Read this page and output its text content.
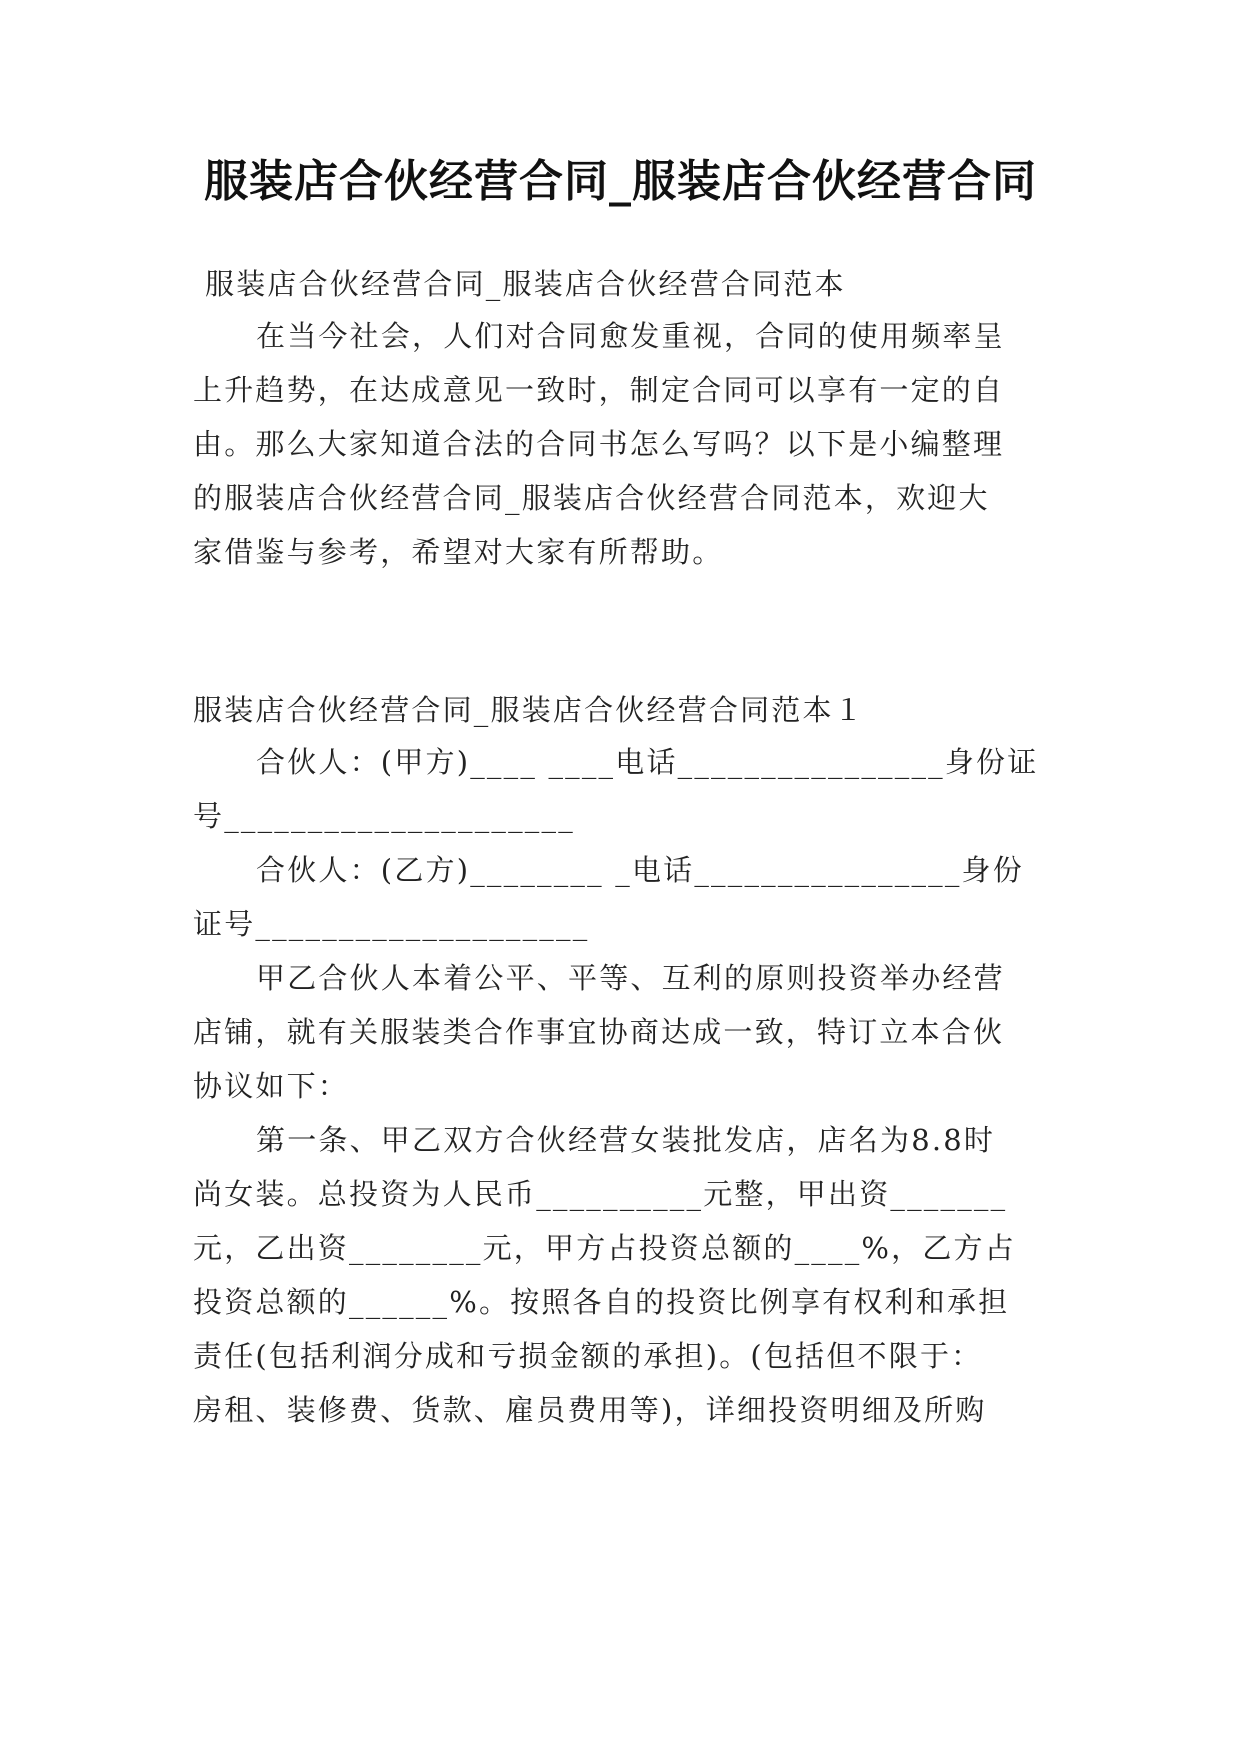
服装店合伙经营合同_服装店合伙经营合同

服装店合伙经营合同_服装店合伙经营合同范本

在当今社会，人们对合同愈发重视，合同的使用频率呈

上升趋势，在达成意见一致时，制定合同可以享有一定的自

由。那么大家知道合法的合同书怎么写吗？以下是小编整理

的服装店合伙经营合同_服装店合伙经营合同范本，欢迎大

家借鉴与参考，希望对大家有所帮助。

服装店合伙经营合同_服装店合伙经营合同范本１

合伙人：(甲方)____ ____电话________________身份证

号_____________________

合伙人：(乙方)________ _电话________________身份

证号____________________

甲乙合伙人本着公平、平等、互利的原则投资举办经营

店铺，就有关服装类合作事宜协商达成一致，特订立本合伙

协议如下：

第一条、甲乙双方合伙经营女装批发店，店名为8.8时

尚女装。总投资为人民币__________元整，甲出资_______

元，乙出资________元，甲方占投资总额的____%，乙方占

投资总额的______%。按照各自的投资比例享有权利和承担

责任(包括利润分成和亏损金额的承担)。(包括但不限于：

房租、装修费、货款、雇员费用等)，详细投资明细及所购
